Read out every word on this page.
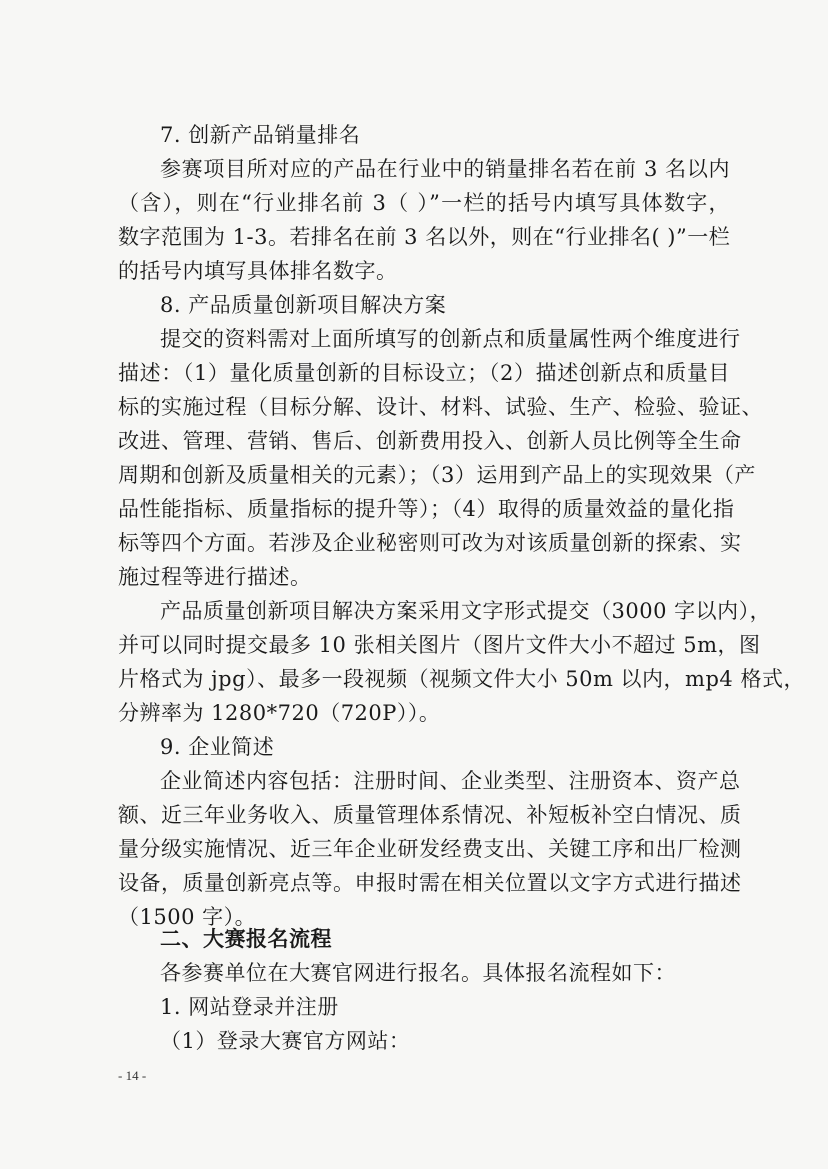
7. 创新产品销量排名
参赛项目所对应的产品在行业中的销量排名若在前 3 名以内
（含），则在“行业排名前 3（ ）”一栏的括号内填写具体数字，
数字范围为 1-3。若排名在前 3 名以外，则在“行业排名( )”一栏
的括号内填写具体排名数字。
8. 产品质量创新项目解决方案
提交的资料需对上面所填写的创新点和质量属性两个维度进行
描述：（1）量化质量创新的目标设立；（2）描述创新点和质量目
标的实施过程（目标分解、设计、材料、试验、生产、检验、验证、
改进、管理、营销、售后、创新费用投入、创新人员比例等全生命
周期和创新及质量相关的元素）；（3）运用到产品上的实现效果（产
品性能指标、质量指标的提升等）；（4）取得的质量效益的量化指
标等四个方面。若涉及企业秘密则可改为对该质量创新的探索、实
施过程等进行描述。
产品质量创新项目解决方案采用文字形式提交（3000 字以内），
并可以同时提交最多 10 张相关图片（图片文件大小不超过 5m，图
片格式为 jpg）、最多一段视频（视频文件大小 50m 以内，mp4 格式，
分辨率为 1280*720（720P））。
9. 企业简述
企业简述内容包括：注册时间、企业类型、注册资本、资产总
额、近三年业务收入、质量管理体系情况、补短板补空白情况、质
量分级实施情况、近三年企业研发经费支出、关键工序和出厂检测
设备，质量创新亮点等。申报时需在相关位置以文字方式进行描述
（1500 字）。
二、大赛报名流程
各参赛单位在大赛官网进行报名。具体报名流程如下：
1. 网站登录并注册
（1）登录大赛官方网站：
- 14 -
